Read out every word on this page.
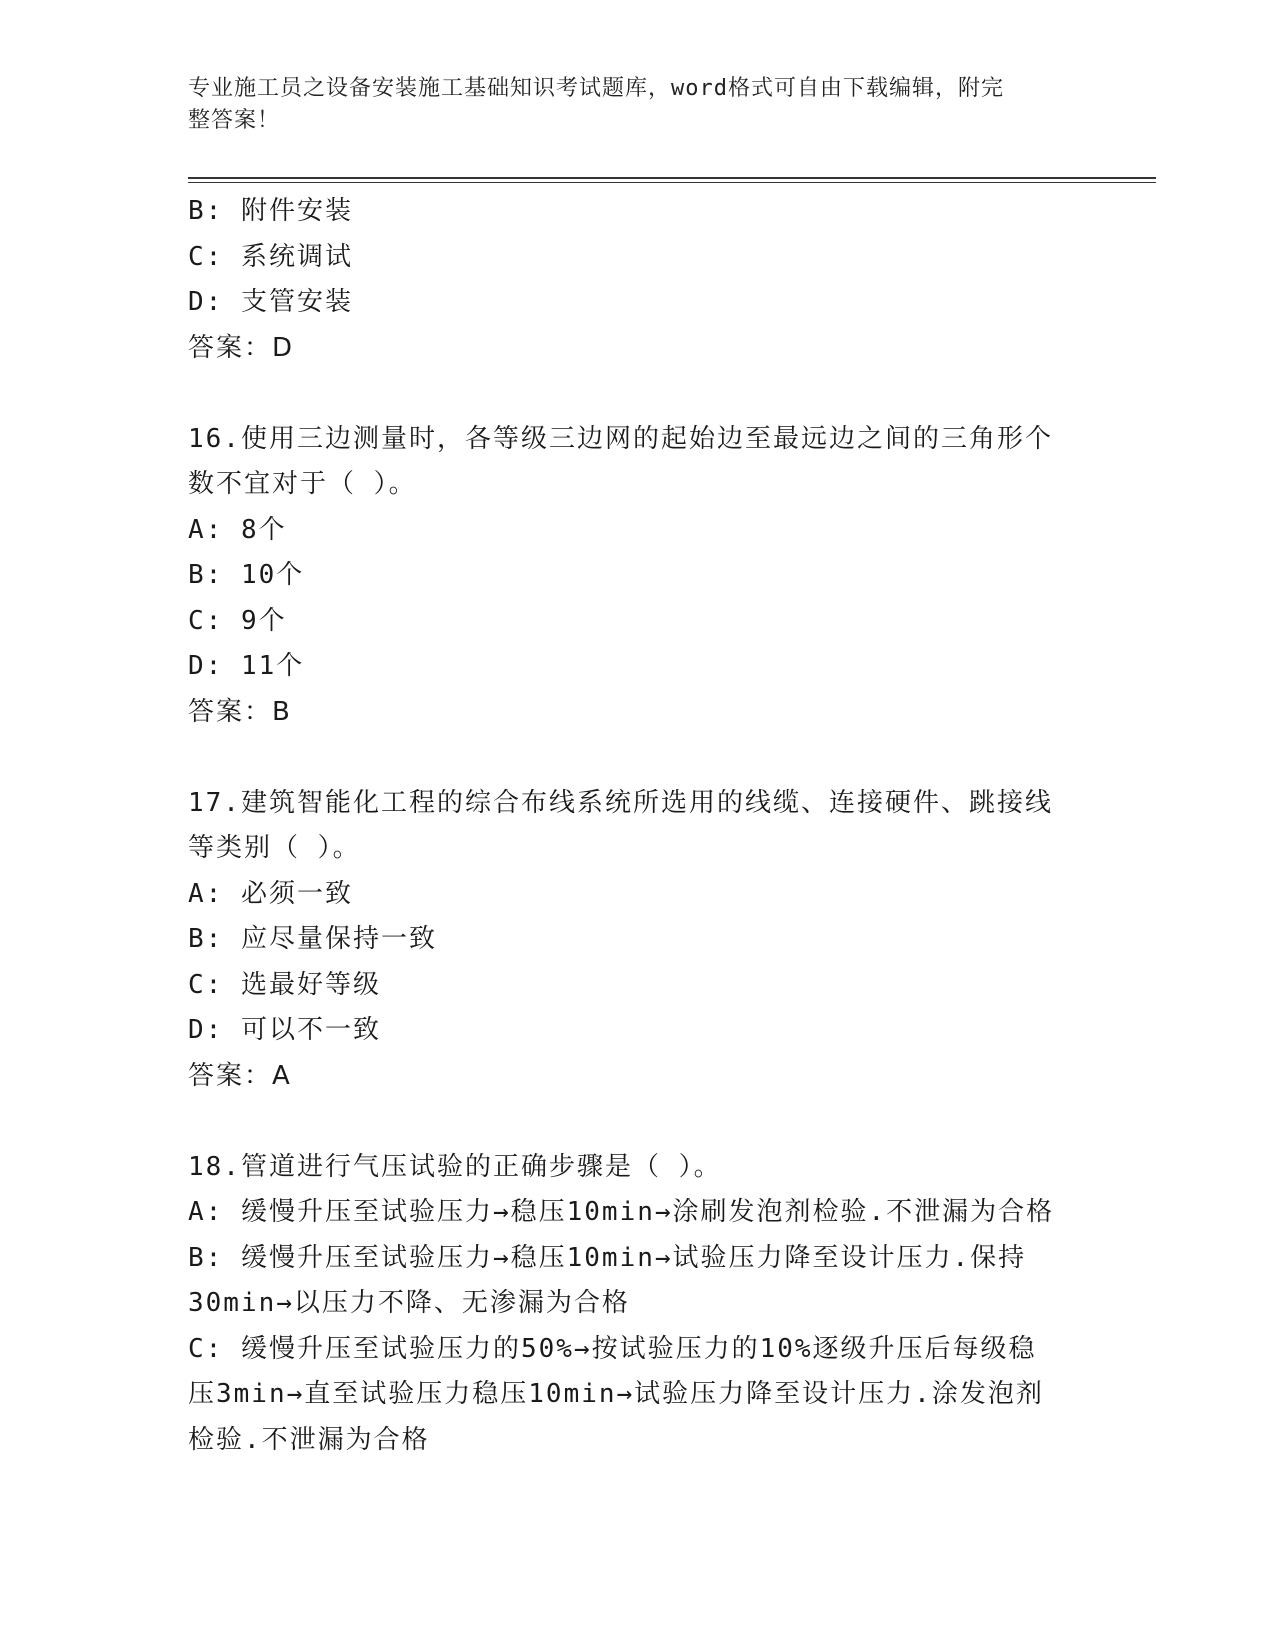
专业施工员之设备安装施工基础知识考试题库，word格式可自由下载编辑，附完
整答案！
B: 附件安装
C: 系统调试
D: 支管安装
答案：D
16.使用三边测量时，各等级三边网的起始边至最远边之间的三角形个
数不宜对于（ ）。
A: 8个
B: 10个
C: 9个
D: 11个
答案：B
17.建筑智能化工程的综合布线系统所选用的线缆、连接硬件、跳接线
等类别（ ）。
A: 必须一致
B: 应尽量保持一致
C: 选最好等级
D: 可以不一致
答案：A
18.管道进行气压试验的正确步骤是（ ）。
A: 缓慢升压至试验压力→稳压10min→涂刷发泡剂检验.不泄漏为合格
B: 缓慢升压至试验压力→稳压10min→试验压力降至设计压力.保持
30min→以压力不降、无渗漏为合格
C: 缓慢升压至试验压力的50%→按试验压力的10%逐级升压后每级稳
压3min→直至试验压力稳压10min→试验压力降至设计压力.涂发泡剂
检验.不泄漏为合格
